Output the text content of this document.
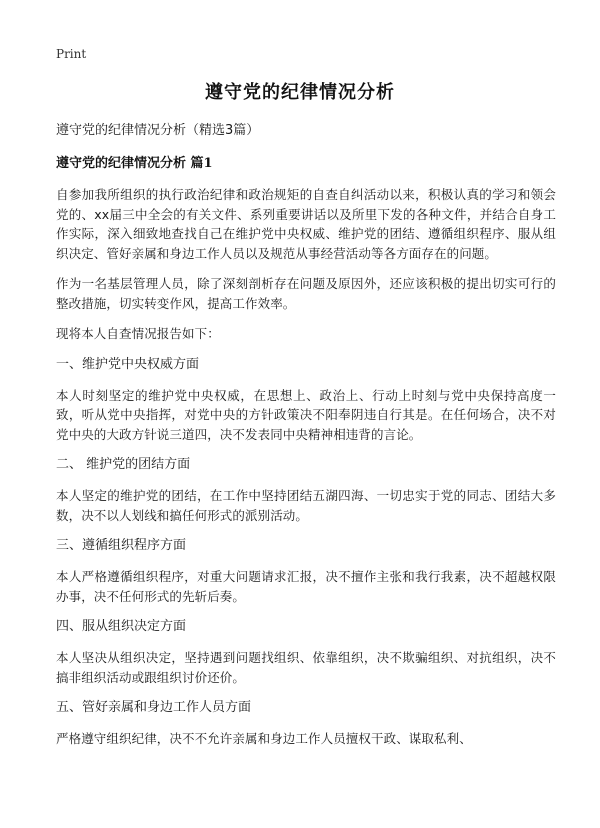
Print
遵守党的纪律情况分析
遵守党的纪律情况分析（精选3篇）
遵守党的纪律情况分析 篇1

自参加我所组织的执行政治纪律和政治规矩的自查自纠活动以来，积极认真的学习和领会党的、xx届三中全会的有关文件、系列重要讲话以及所里下发的各种文件，并结合自身工作实际，深入细致地查找自己在维护党中央权威、维护党的团结、遵循组织程序、服从组织决定、管好亲属和身边工作人员以及规范从事经营活动等各方面存在的问题。

作为一名基层管理人员，除了深刻剖析存在问题及原因外，还应该积极的提出切实可行的整改措施，切实转变作风，提高工作效率。

现将本人自查情况报告如下：

一、维护党中央权威方面

本人时刻坚定的维护党中央权威，在思想上、政治上、行动上时刻与党中央保持高度一致，听从党中央指挥，对党中央的方针政策决不阳奉阴违自行其是。在任何场合，决不对党中央的大政方针说三道四，决不发表同中央精神相违背的言论。

二、 维护党的团结方面

本人坚定的维护党的团结，在工作中坚持团结五湖四海、一切忠实于党的同志、团结大多数，决不以人划线和搞任何形式的派别活动。

三、遵循组织程序方面

本人严格遵循组织程序，对重大问题请求汇报，决不擅作主张和我行我素，决不超越权限办事，决不任何形式的先斩后奏。

四、服从组织决定方面

本人坚决从组织决定，坚持遇到问题找组织、依靠组织，决不欺骗组织、对抗组织，决不搞非组织活动或跟组织讨价还价。

五、管好亲属和身边工作人员方面

严格遵守组织纪律，决不不允许亲属和身边工作人员擅权干政、谋取私利、
